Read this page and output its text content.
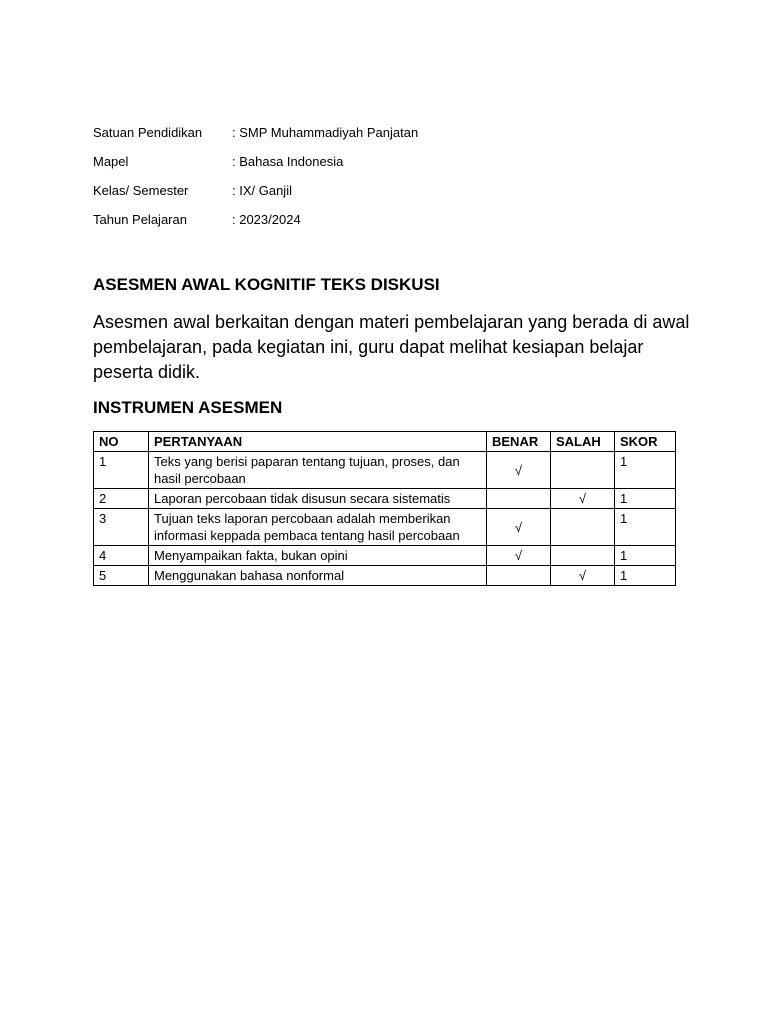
Satuan Pendidikan	: SMP Muhammadiyah Panjatan
Mapel	: Bahasa Indonesia
Kelas/ Semester	: IX/ Ganjil
Tahun Pelajaran	: 2023/2024
ASESMEN AWAL KOGNITIF TEKS DISKUSI

Asesmen awal berkaitan dengan materi pembelajaran yang berada di awal pembelajaran, pada kegiatan ini, guru dapat melihat kesiapan belajar peserta didik.

INSTRUMEN ASESMEN
NO	PERTANYAAN	BENAR	SALAH	SKOR
1	Teks yang berisi paparan tentang tujuan, proses, dan hasil percobaan	√		1
2	Laporan percobaan tidak disusun secara sistematis		√	1
3	Tujuan teks laporan percobaan adalah memberikan informasi keppada pembaca tentang hasil percobaan	√		1
4	Menyampaikan fakta, bukan opini	√		1
5	Menggunakan bahasa nonformal		√	1
